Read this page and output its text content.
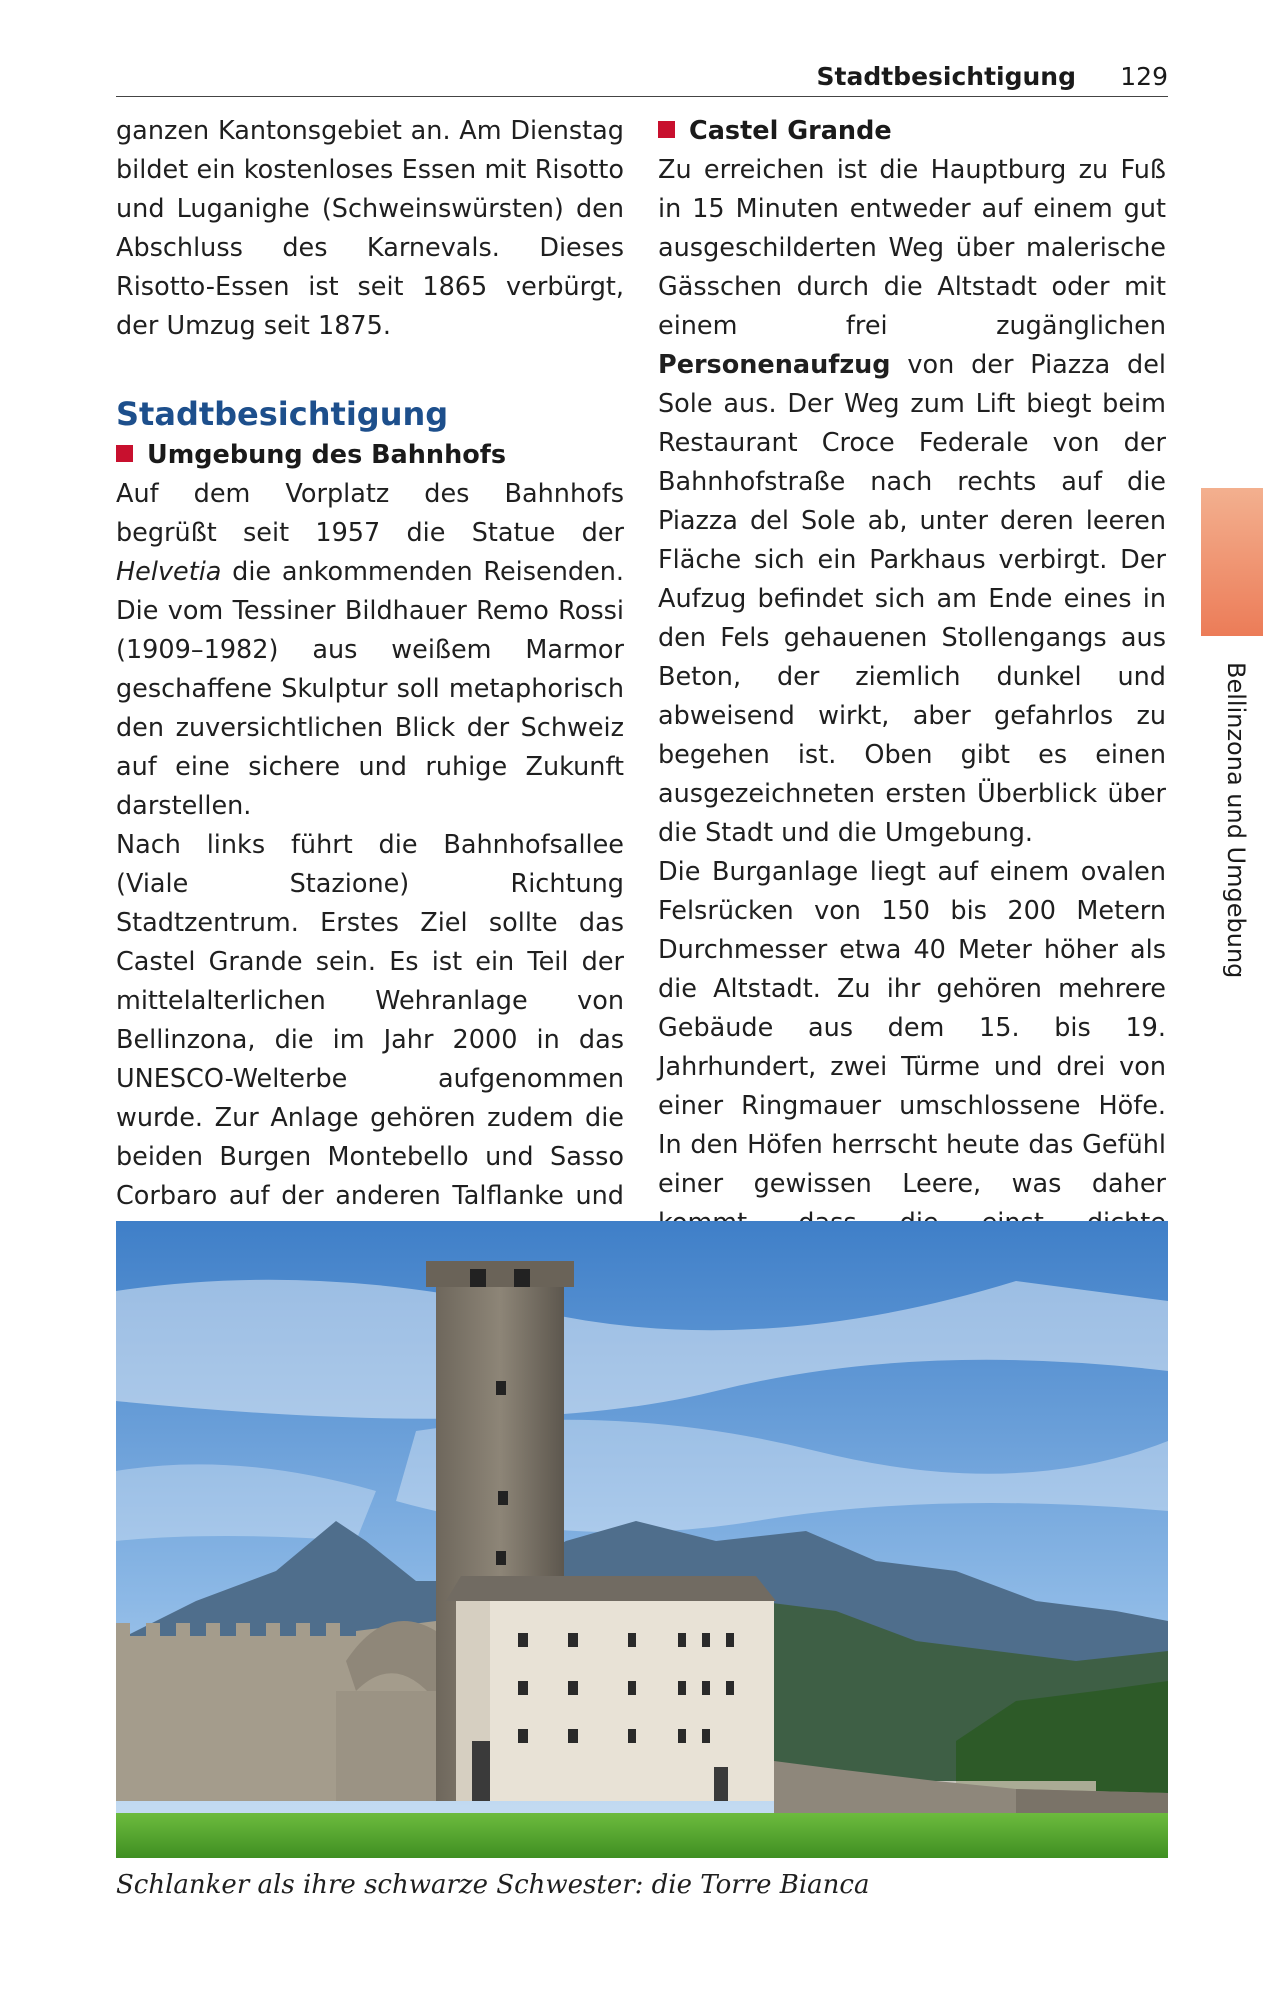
Stadtbesichtigung 129

ganzen Kantonsgebiet an. Am Dienstag bildet ein kostenloses Essen mit Risotto und Luganighe (Schweinswürsten) den Abschluss des Karnevals. Dieses Risotto-Essen ist seit 1865 verbürgt, der Umzug seit 1875.

Stadtbesichtigung
Umgebung des Bahnhofs

Auf dem Vorplatz des Bahnhofs begrüßt seit 1957 die Statue der Helvetia die ankommenden Reisenden. Die vom Tessiner Bildhauer Remo Rossi (1909–1982) aus weißem Marmor geschaffene Skulptur soll metaphorisch den zuversichtlichen Blick der Schweiz auf eine sichere und ruhige Zukunft darstellen.

Nach links führt die Bahnhofsallee (Viale Stazione) Richtung Stadtzentrum. Erstes Ziel sollte das Castel Grande sein. Es ist ein Teil der mittelalterlichen Wehranlage von Bellinzona, die im Jahr 2000 in das UNESCO-Welterbe aufgenommen wurde. Zur Anlage gehören zudem die beiden Burgen Montebello und Sasso Corbaro auf der anderen Talflanke und

Castel Grande

Zu erreichen ist die Hauptburg zu Fuß in 15 Minuten entweder auf einem gut ausgeschilderten Weg über malerische Gässchen durch die Altstadt oder mit einem frei zugänglichen Personenaufzug von der Piazza del Sole aus. Der Weg zum Lift biegt beim Restaurant Croce Federale von der Bahnhofstraße nach rechts auf die Piazza del Sole ab, unter deren leeren Fläche sich ein Parkhaus verbirgt. Der Aufzug befindet sich am Ende eines in den Fels gehauenen Stollengangs aus Beton, der ziemlich dunkel und abweisend wirkt, aber gefahrlos zu begehen ist. Oben gibt es einen ausgezeichneten ersten Überblick über die Stadt und die Umgebung.

Die Burganlage liegt auf einem ovalen Felsrücken von 150 bis 200 Metern Durchmesser etwa 40 Meter höher als die Altstadt. Zu ihr gehören mehrere Gebäude aus dem 15. bis 19. Jahrhundert, zwei Türme und drei von einer Ringmauer umschlossene Höfe. In den Höfen herrscht heute das Gefühl einer gewissen Leere, was daher

Bellinzona und Umgebung
Schlanker als ihre schwarze Schwester: die Torre Bianca
